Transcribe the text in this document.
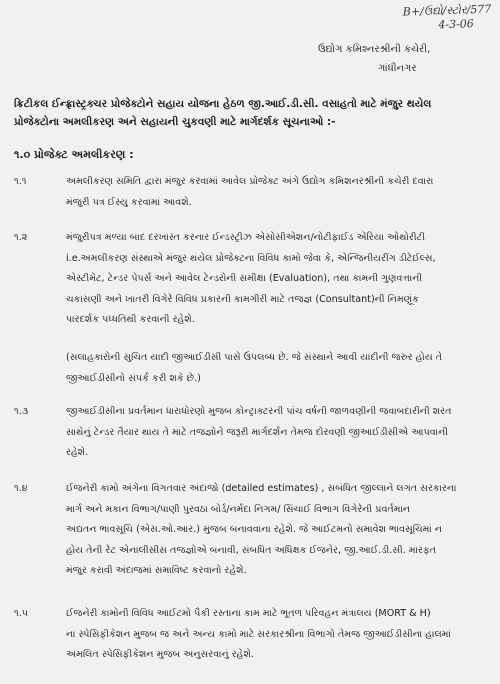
B+/ઉદ્યો/સ્ટોર/577
4-3-06
ઉદ્યોગ કમિશ્નરશ્રીની કચેરી,
ગાંધીનગર
ક્રિટીકલ ઈન્ફ્રાસ્ટ્રક્ચર પ્રોજેક્ટોને સહાય યોજના હેઠળ જી.આઈ.ડી.સી. વસાહતો માટે મંજુર થયેલ
પ્રોજેક્ટોના અમલીકરણ અને સહાયની ચુકવણી માટે માર્ગદર્શક સૂચનાઓ :-
૧.૦ પ્રોજેક્ટ અમલીકરણ :
૧.૧	અમલીકરણ સમિતિ દ્વારા મંજુર કરવામાં આવેલ પ્રોજેક્ટ અંગે ઉદ્યોગ કમિશનરશ્રીની કચેરી દવારા
મંજુરી પત્ર ઈસ્યુ કરવામાં આવશે.
૧.૨	મંજુરીપત્ર મળ્યા બાદ દરખાસ્ત કરનાર ઈન્ડસ્ટ્રીઝ એસોસીએશન/નોટીફાઈડ એરિયા ઓથોરીટી
i.e.અમલીકરણ સંસ્થાએ મંજુર થયેલ પ્રોજેક્ટના વિવિધ કામો જેવા કે, એન્જિનીયરીંગ ડીટેઈલ્સ,
એસ્ટીમેટ, ટેન્ડર પેપર્સ અને આવેલ ટેન્ડરોની સમીક્ષા (Evaluation), તથા કામની ગુણવત્તાની
ચકાસણી અને ખાતરી વિગેરે વિવિધ પ્રકારની કામગીરી માટે તજજ્ઞ (Consultant)ની નિમણૂંક
પારદર્શક પધ્ધતિથી કરવાની રહેશે.
(સલાહકારોની સુચિત યાદી જીઆઈડીસી પાસે ઉપલબ્ધ છે. જે સંસ્થાને આવી યાદીની જરુર હોય તે
જીઆઈડીસીનો સંપર્ક કરી શકે છે.)
૧.૩	જીઆઈડીસીના પ્રવર્તમાન ધારાધોરણો મુજબ કોન્ટ્રાક્ટરની પાંચ વર્ષની જાળવણીની જવાબદારીની શરત
સાથેનું ટેન્ડર તૈયાર થાય તે માટે તજજ્ઞોને જરૂરી માર્ગદર્શન તેમજ દોરવણી જીઆઈડીસીએ આપવાની
રહેશે.
૧.૪	ઈજનેરી કામો અંગેના વિગતવાર અંદાજો (detailed estimates) , સબંધિત જીલ્લાને લગત સરકારના
માર્ગ અને મકાન વિભાગ/પાણી પુરવઠા બોર્ડ/નર્મદા નિગમ/ સિંચાઈ વિભાગ વિગેરેની પ્રવર્તમાન
અદ્યતન ભાવસૂચિ (એસ.ઓ.આર.) મુજબ બનાવવાના રહેશે. જે આઈટમનો સમાવેશ ભાવસૂચિમાં ન
હોય તેની રેટ એનાલીસીસ તજજ્ઞોએ બનાવી, સંબધિત અધિક્ષક ઈજનેર, જી.આઈ.ડી.સી. મારફત
મંજુર કરાવી અંદાજમાં સમાવિષ્ટ કરવાનો રહેશે.
૧.૫	ઈજનેરી કામોની વિવિધ આઈટમો પૈકી રસ્તાના કામ માટે ભૂતળ પરિવહન મંત્રાલય (MORT & H)
ના સ્પેસિફીકેશન મુજબ જ અને અન્ય કામો માટે સરકારશ્રીના વિભાગો તેમજ જીઆઈડીસીના હાલમાં
અમલિત સ્પેસિફીકેશન મુજબ અનુસરવાનું રહેશે.
